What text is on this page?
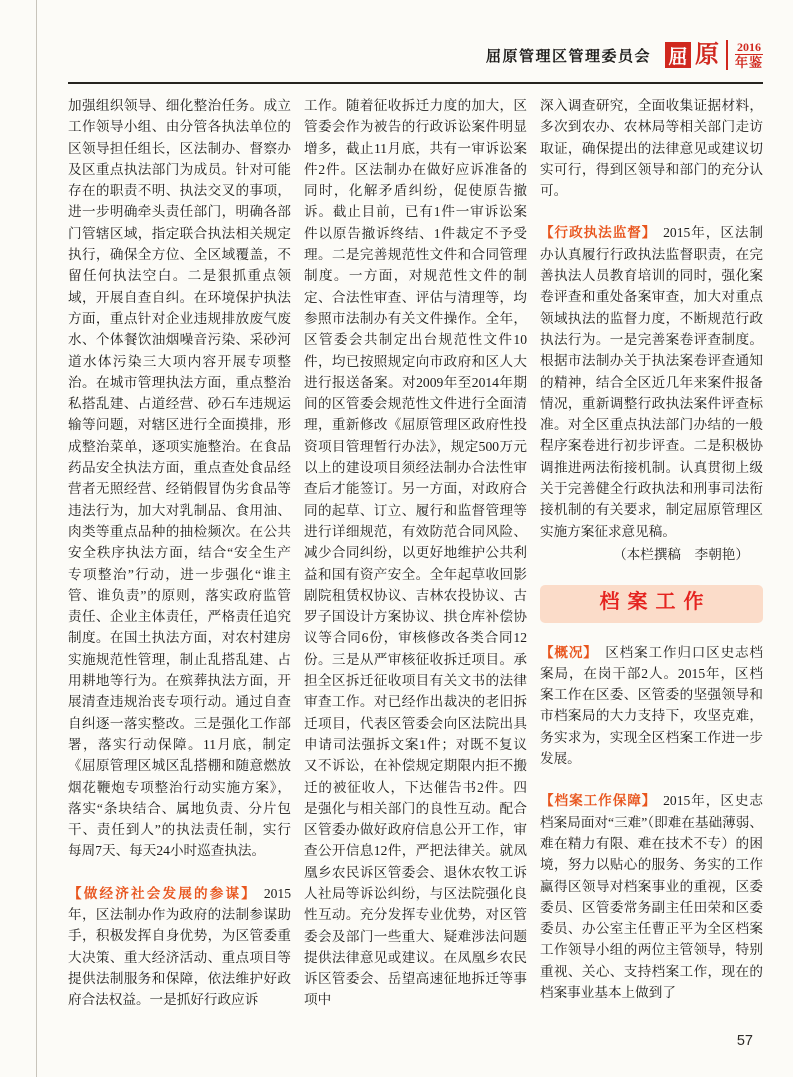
屈原管理区管理委员会 屈 原 2016
年鉴

加强组织领导、细化整治任务。成立工作领导小组、由分管各执法单位的区领导担任组长，区法制办、督察办及区重点执法部门为成员。针对可能存在的职责不明、执法交叉的事项，进一步明确牵头责任部门，明确各部门管辖区域，指定联合执法相关规定执行，确保全方位、全区域覆盖，不留任何执法空白。二是狠抓重点领域，开展自查自纠。在环境保护执法方面，重点针对企业违规排放废气废水、个体餐饮油烟噪音污染、采砂河道水体污染三大项内容开展专项整治。在城市管理执法方面，重点整治私搭乱建、占道经营、砂石车违规运输等问题，对辖区进行全面摸排，形成整治菜单，逐项实施整治。在食品药品安全执法方面，重点查处食品经营者无照经营、经销假冒伪劣食品等违法行为，加大对乳制品、食用油、肉类等重点品种的抽检频次。在公共安全秩序执法方面，结合“安全生产专项整治”行动，进一步强化“谁主管、谁负责”的原则，落实政府监管责任、企业主体责任，严格责任追究制度。在国土执法方面，对农村建房实施规范性管理，制止乱搭乱建、占用耕地等行为。在殡葬执法方面，开展清查违规治丧专项行动。通过自查自纠逐一落实整改。三是强化工作部署，落实行动保障。11月底，制定《屈原管理区城区乱搭棚和随意燃放烟花鞭炮专项整治行动实施方案》，落实“条块结合、属地负责、分片包干、责任到人”的执法责任制，实行每周7天、每天24小时巡查执法。

【做经济社会发展的参谋】 2015年，区法制办作为政府的法制参谋助手，积极发挥自身优势，为区管委重大决策、重大经济活动、重点项目等提供法制服务和保障，依法维护好政府合法权益。一是抓好行政应诉

工作。随着征收拆迁力度的加大，区管委会作为被告的行政诉讼案件明显增多，截止11月底，共有一审诉讼案件2件。区法制办在做好应诉准备的同时，化解矛盾纠纷，促使原告撤诉。截止目前，已有1件一审诉讼案件以原告撤诉终结、1件裁定不予受理。二是完善规范性文件和合同管理制度。一方面，对规范性文件的制定、合法性审查、评估与清理等，均参照市法制办有关文件操作。全年，区管委会共制定出台规范性文件10件，均已按照规定向市政府和区人大进行报送备案。对2009年至2014年期间的区管委会规范性文件进行全面清理，重新修改《屈原管理区政府性投资项目管理暂行办法》，规定500万元以上的建设项目须经法制办合法性审查后才能签订。另一方面，对政府合同的起草、订立、履行和监督管理等进行详细规范，有效防范合同风险、减少合同纠纷，以更好地维护公共利益和国有资产安全。全年起草收回影剧院租赁权协议、吉林农投协议、古罗子国设计方案协议、拱仓库补偿协议等合同6份，审核修改各类合同12份。三是从严审核征收拆迁项目。承担全区拆迁征收项目有关文书的法律审查工作。对已经作出裁决的老旧拆迁项目，代表区管委会向区法院出具申请司法强拆文案1件；对既不复议又不诉讼，在补偿规定期限内拒不搬迁的被征收人，下达催告书2件。四是强化与相关部门的良性互动。配合区管委办做好政府信息公开工作，审查公开信息12件，严把法律关。就凤凰乡农民诉区管委会、退休农牧工诉人社局等诉讼纠纷，与区法院强化良性互动。充分发挥专业优势，对区管委会及部门一些重大、疑难涉法问题提供法律意见或建议。在凤凰乡农民诉区管委会、岳望高速征地拆迁等事项中

深入调查研究，全面收集证据材料，多次到农办、农林局等相关部门走访取证，确保提出的法律意见或建议切实可行，得到区领导和部门的充分认可。

【行政执法监督】 2015年，区法制办认真履行行政执法监督职责，在完善执法人员教育培训的同时，强化案卷评查和重处备案审查，加大对重点领域执法的监督力度，不断规范行政执法行为。一是完善案卷评查制度。根据市法制办关于执法案卷评查通知的精神，结合全区近几年来案件报备情况，重新调整行政执法案件评查标准。对全区重点执法部门办结的一般程序案卷进行初步评查。二是积极协调推进两法衔接机制。认真贯彻上级关于完善健全行政执法和刑事司法衔接机制的有关要求，制定屈原管理区实施方案征求意见稿。

（本栏撰稿　李朝艳）

档案工作

【概况】 区档案工作归口区史志档案局，在岗干部2人。2015年，区档案工作在区委、区管委的坚强领导和市档案局的大力支持下，攻坚克难，务实求为，实现全区档案工作进一步发展。

【档案工作保障】 2015年，区史志档案局面对“三难”（即难在基础薄弱、难在精力有限、难在技术不专）的困境，努力以贴心的服务、务实的工作赢得区领导对档案事业的重视，区委委员、区管委常务副主任田荣和区委委员、办公室主任曹正平为全区档案工作领导小组的两位主管领导，特别重视、关心、支持档案工作，现在的档案事业基本上做到了

57
